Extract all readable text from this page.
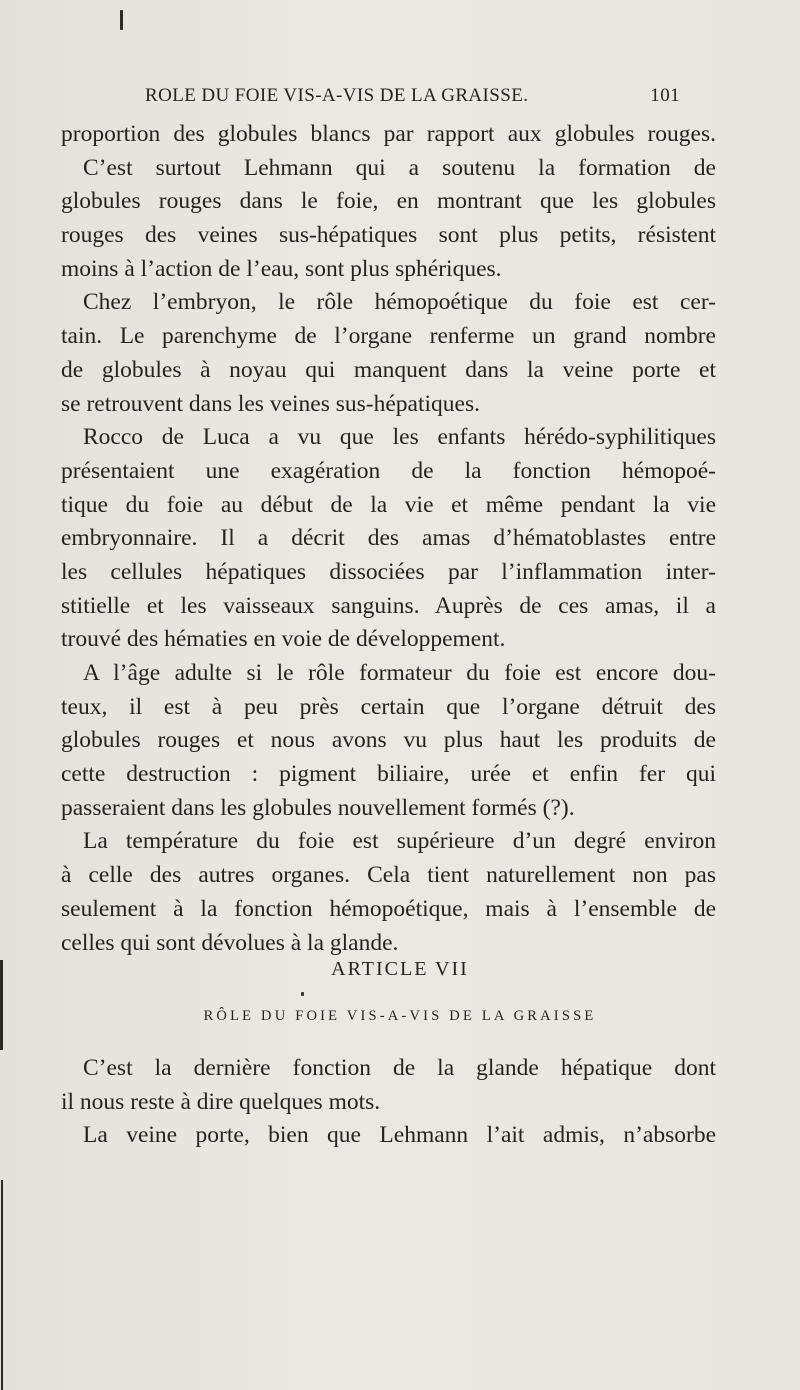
ROLE DU FOIE VIS-A-VIS DE LA GRAISSE.	101
proportion des globules blancs par rapport aux globules rouges.
C’est surtout Lehmann qui a soutenu la formation de
globules rouges dans le foie, en montrant que les globules
rouges des veines sus-hépatiques sont plus petits, résistent
moins à l’action de l’eau, sont plus sphériques.
Chez l’embryon, le rôle hémopoétique du foie est cer-
tain. Le parenchyme de l’organe renferme un grand nombre
de globules à noyau qui manquent dans la veine porte et
se retrouvent dans les veines sus-hépatiques.
Rocco de Luca a vu que les enfants hérédo-syphilitiques
présentaient une exagération de la fonction hémopoé-
tique du foie au début de la vie et même pendant la vie
embryonnaire. Il a décrit des amas d’hématoblastes entre
les cellules hépatiques dissociées par l’inflammation inter-
stitielle et les vaisseaux sanguins. Auprès de ces amas, il a
trouvé des hématies en voie de développement.
A l’âge adulte si le rôle formateur du foie est encore dou-
teux, il est à peu près certain que l’organe détruit des
globules rouges et nous avons vu plus haut les produits de
cette destruction : pigment biliaire, urée et enfin fer qui
passeraient dans les globules nouvellement formés (?).
La température du foie est supérieure d’un degré environ
à celle des autres organes. Cela tient naturellement non pas
seulement à la fonction hémopoétique, mais à l’ensemble de
celles qui sont dévolues à la glande.
ARTICLE VII
RÔLE DU FOIE VIS-A-VIS DE LA GRAISSE
C’est la dernière fonction de la glande hépatique dont
il nous reste à dire quelques mots.
La veine porte, bien que Lehmann l’ait admis, n’absorbe
